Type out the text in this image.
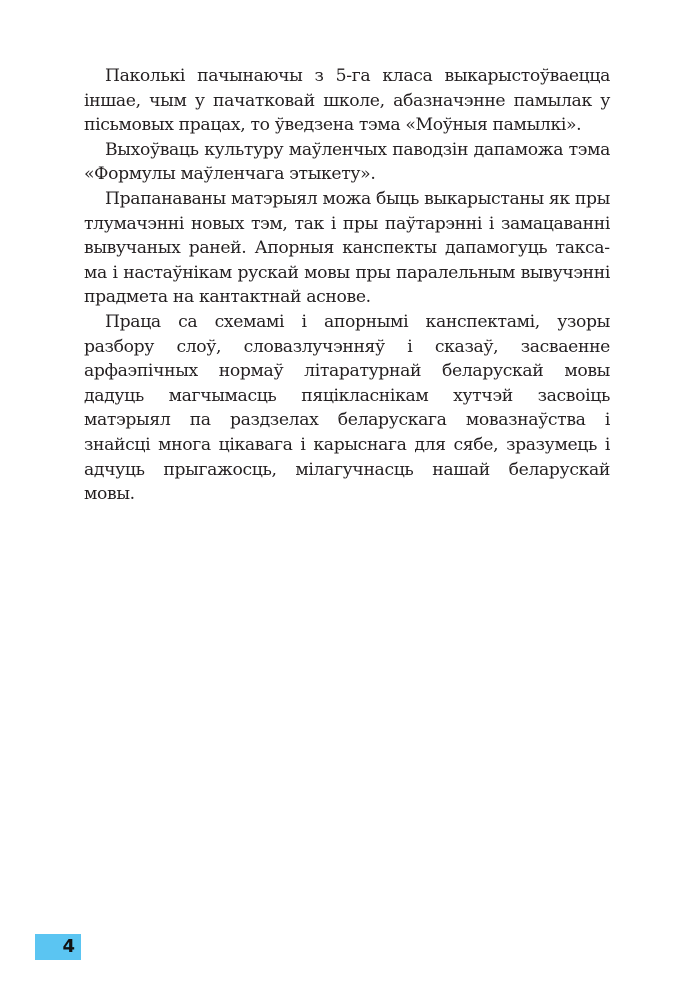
Паколькі пачынаючы з 5-га класа выкарыстоўваецца іншае, чым у пачатковай школе, абазначэнне памылак у пісьмовых працах, то ўведзена тэма «Моўныя памылкі».

Выхоўваць культуру маўленчых паводзін дапаможа тэма «Формулы маўленчага этыкету».

Прапанаваны матэрыял можа быць выкарыстаны як пры тлумачэнні новых тэм, так і пры паўтарэнні і замацаванні вывучаных раней. Апорныя канспекты дапамогуць таксама і настаўнікам рускай мовы пры паралельным вывучэнні прадмета на кантактнай аснове.

Праца са схемамі і апорнымі канспектамі, узоры разбору слоў, словазлучэнняў і сказаў, засваенне арфаэпічных нормаў літаратурнай беларускай мовы дадуць магчымасць пяцікласнікам хутчэй засвоіць матэрыял па раздзелах беларускага мовазнаўства і знайсці многа цікавага і карыснага для сябе, зразумець і адчуць прыгажосць, мілагучнасць нашай беларускай мовы.

4
